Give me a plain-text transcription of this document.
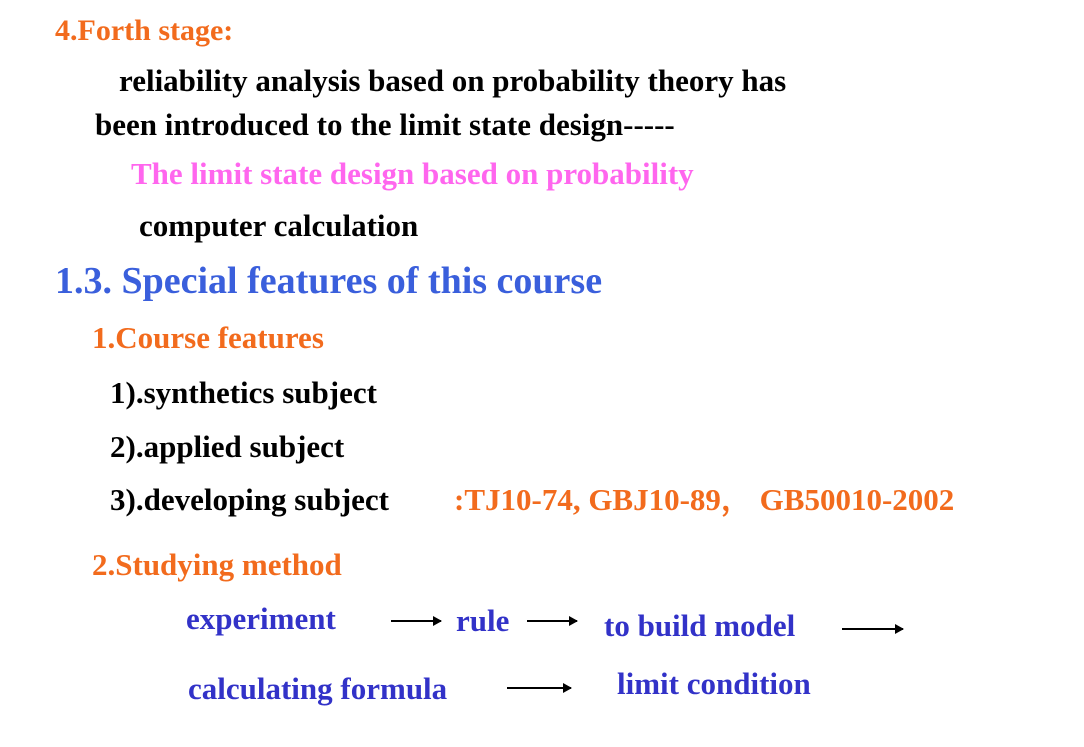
4.Forth stage:
reliability analysis based on probability theory has
been introduced to the limit state design-----
The limit state design based on probability
computer calculation
1.3. Special features of this course
1.Course features
1).synthetics subject
2).applied subject
3).developing subject :TJ10-74, GBJ10-89， GB50010-2002
2.Studying method
experiment	rule	to build model
calculating formula	limit condition
